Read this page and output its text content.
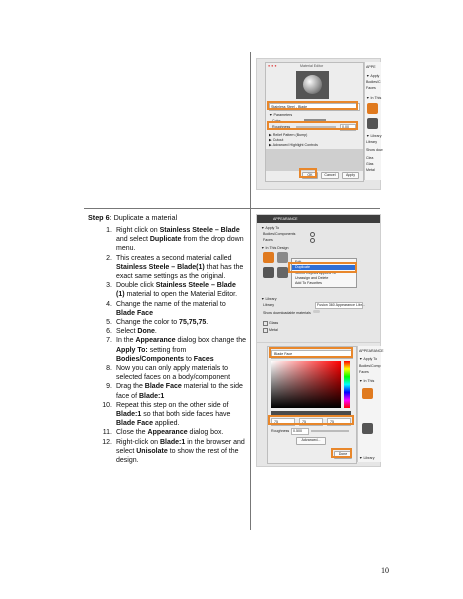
Material Editor
● ● ●
Stainless Steel - Blade
▼ Parameters
Color
Roughness	0.00
▶ Relief Pattern (Bump)
▶ Cutout
▶ Advanced Highlight Controls
OK	Cancel	Apply
APPE
▼ Apply
Bodies/C
Faces
▼ In This
▼ Library
Library
Show dow
Clea
Glas
Metal
APPEARANCE
▼ Apply To
Bodies/Components
Faces
▼ In This Design
Edit
Duplicate
Select Objects Applied To
Unassign and Delete
Add To Favorites
▼ Library
Library	Fusion 360 Appearance Libr...
Show downloadable materials
Glass
Metal
Blade Face
75	75	75
Roughness 0.500
Advanced...
Done
APPEARANCE
▼ Apply To
Bodies/Comp
Faces
▼ In This
▼ Library
Step 6: Duplicate a material
1. Right click on Stainless Steele – Blade and select Duplicate from the drop down menu.
2. This creates a second material called Stainless Steele – Blade(1) that has the exact same settings as the original.
3. Double click Stainless Steele – Blade (1) material to open the Material Editor.
4. Change the name of the material to Blade Face
5. Change the color to 75,75,75.
6. Select Done.
7. In the Appearance dialog box change the Apply To: setting from Bodies/Components to Faces
8. Now you can only apply materials to selected faces on a body/component
9. Drag the Blade Face material to the side face of Blade:1
10. Repeat this step on the other side of Blade:1 so that both side faces have Blade Face applied.
11. Close the Appearance dialog box.
12. Right-click on Blade:1 in the browser and select Unisolate to show the rest of the design.
10
